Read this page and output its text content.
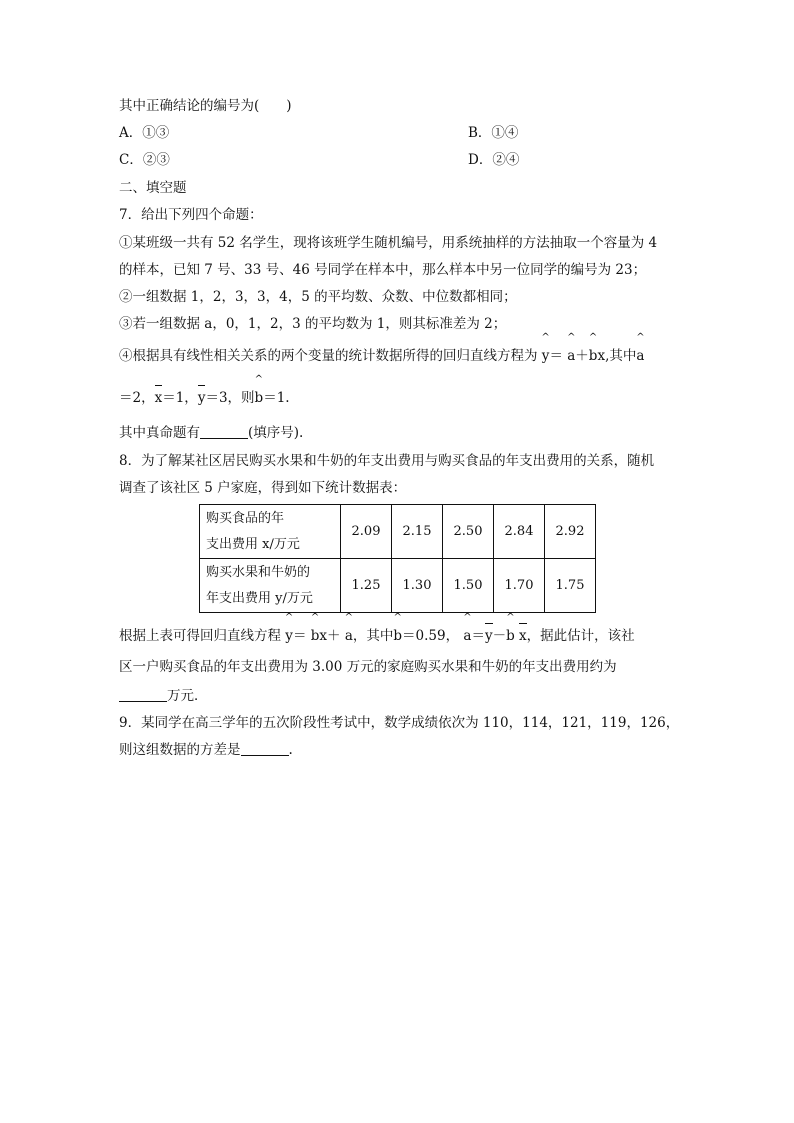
其中正确结论的编号为(　　)
A．①③	B．①④
C．②③	D．②④
二、填空题
7．给出下列四个命题：
①某班级一共有 52 名学生，现将该班学生随机编号，用系统抽样的方法抽取一个容量为 4
的样本，已知 7 号、33 号、46 号同学在样本中，那么样本中另一位同学的编号为 23；
②一组数据 1，2，3，3，4，5 的平均数、众数、中位数都相同；
③若一组数据 a，0，1，2，3 的平均数为 1，则其标准差为 2；
④根据具有线性相关关系的两个变量的统计数据所得的回归直线方程为 ^ y＝ ^ a＋^ bx,其中^ a
＝2，x＝1，y＝3，则^ b＝1.
其中真命题有	(填序号).
8．为了解某社区居民购买水果和牛奶的年支出费用与购买食品的年支出费用的关系，随机
调查了该社区 5 户家庭，得到如下统计数据表：
购买食品的年
支出费用 x/万元	2.09	2.15	2.50	2.84	2.92

购买水果和牛奶的
年支出费用 y/万元	1.25	1.30	1.50	1.70	1.75
根据上表可得回归直线方程 ^ y＝ ^ bx＋ ^ a，其中^ b＝0.59， ^ a＝y－^ b x，据此估计，该社
区一户购买食品的年支出费用为 3.00 万元的家庭购买水果和牛奶的年支出费用约为
万元．
9．某同学在高三学年的五次阶段性考试中，数学成绩依次为 110，114，121，119，126，
则这组数据的方差是	.
